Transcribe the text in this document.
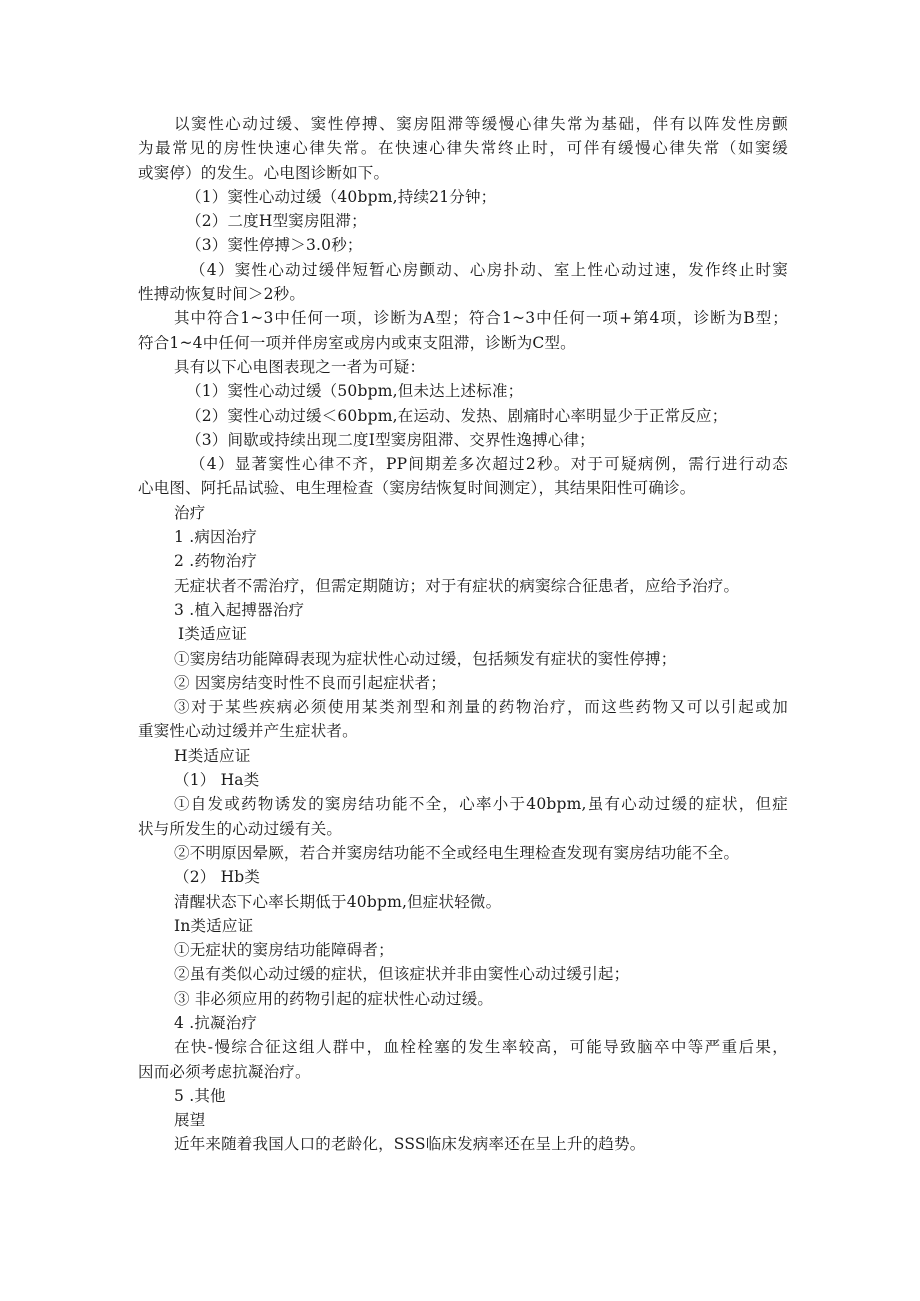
以窦性心动过缓、窦性停搏、窦房阻滞等缓慢心律失常为基础，伴有以阵发性房颤
为最常见的房性快速心律失常。在快速心律失常终止时，可伴有缓慢心律失常（如窦缓
或窦停）的发生。心电图诊断如下。
（1）窦性心动过缓（40bpm,持续21分钟；
（2）二度H型窦房阻滞；
（3）窦性停搏＞3.0秒；
（4）窦性心动过缓伴短暂心房颤动、心房扑动、室上性心动过速，发作终止时窦
性搏动恢复时间＞2秒。
其中符合1~3中任何一项，诊断为A型；符合1~3中任何一项+第4项，诊断为B型；
符合1~4中任何一项并伴房室或房内或束支阻滞，诊断为C型。
具有以下心电图表现之一者为可疑：
（1）窦性心动过缓（50bpm,但未达上述标准；
（2）窦性心动过缓＜60bpm,在运动、发热、剧痛时心率明显少于正常反应；
（3）间歇或持续出现二度I型窦房阻滞、交界性逸搏心律；
（4）显著窦性心律不齐，PP间期差多次超过2秒。对于可疑病例，需行进行动态
心电图、阿托品试验、电生理检查（窦房结恢复时间测定），其结果阳性可确诊。
治疗
1 .病因治疗
2 .药物治疗
无症状者不需治疗，但需定期随访；对于有症状的病窦综合征患者，应给予治疗。
3 .植入起搏器治疗
I类适应证
①窦房结功能障碍表现为症状性心动过缓，包括频发有症状的窦性停搏；
② 因窦房结变时性不良而引起症状者；
③对于某些疾病必须使用某类剂型和剂量的药物治疗，而这些药物又可以引起或加
重窦性心动过缓并产生症状者。
H类适应证
（1） Ha类
①自发或药物诱发的窦房结功能不全，心率小于40bpm,虽有心动过缓的症状，但症
状与所发生的心动过缓有关。
②不明原因晕厥，若合并窦房结功能不全或经电生理检查发现有窦房结功能不全。
（2） Hb类
清醒状态下心率长期低于40bpm,但症状轻微。
In类适应证
①无症状的窦房结功能障碍者；
②虽有类似心动过缓的症状，但该症状并非由窦性心动过缓引起；
③ 非必须应用的药物引起的症状性心动过缓。
4 .抗凝治疗
在快-慢综合征这组人群中，血栓栓塞的发生率较高，可能导致脑卒中等严重后果，
因而必须考虑抗凝治疗。
5 .其他
展望
近年来随着我国人口的老龄化，SSS临床发病率还在呈上升的趋势。
